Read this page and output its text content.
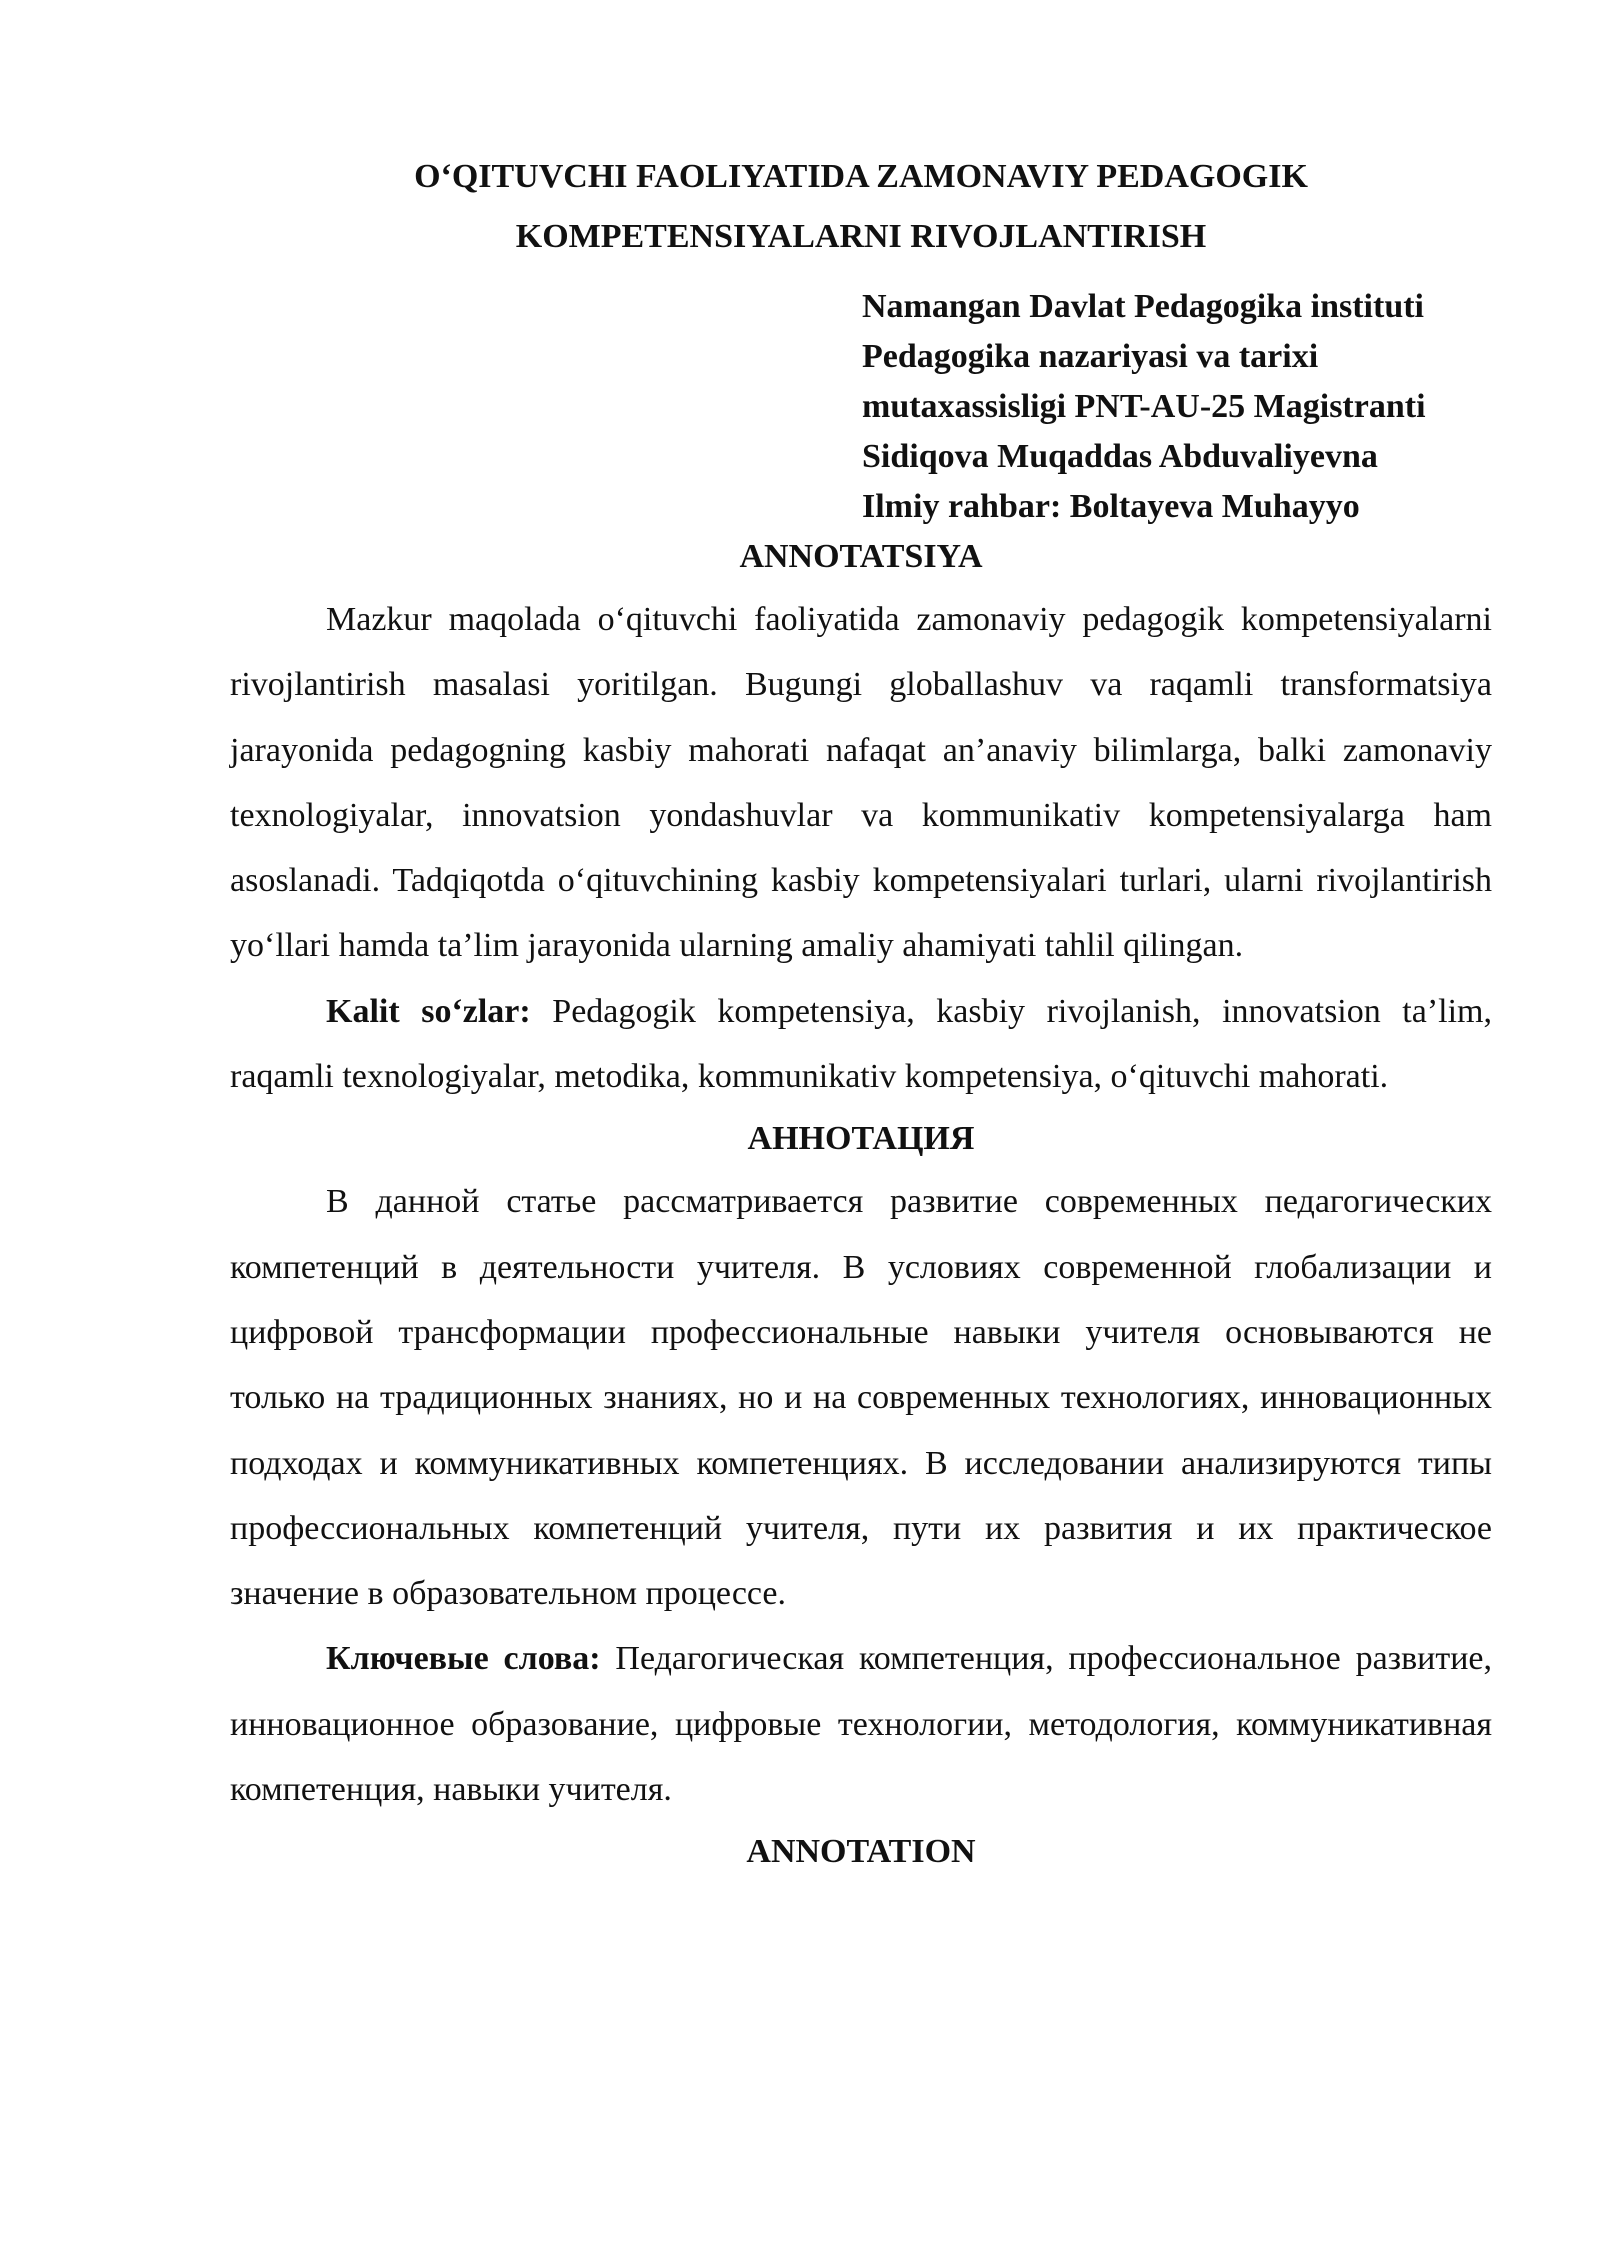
O‘QITUVCHI FAOLIYATIDA ZAMONAVIY PEDAGOGIK

KOMPETENSIYALARNI RIVOJLANTIRISH

Namangan Davlat Pedagogika instituti
Pedagogika nazariyasi va tarixi
mutaxassisligi PNT-AU-25 Magistranti
Sidiqova Muqaddas Abduvaliyevna
Ilmiy rahbar: Boltayeva Muhayyo

ANNOTATSIYA

Mazkur maqolada o‘qituvchi faoliyatida zamonaviy pedagogik kompetensiyalarni rivojlantirish masalasi yoritilgan. Bugungi globallashuv va raqamli transformatsiya jarayonida pedagogning kasbiy mahorati nafaqat an’anaviy bilimlarga, balki zamonaviy texnologiyalar, innovatsion yondashuvlar va kommunikativ kompetensiyalarga ham asoslanadi. Tadqiqotda o‘qituvchining kasbiy kompetensiyalari turlari, ularni rivojlantirish yo‘llari hamda ta’lim jarayonida ularning amaliy ahamiyati tahlil qilingan.

Kalit so‘zlar: Pedagogik kompetensiya, kasbiy rivojlanish, innovatsion ta’lim, raqamli texnologiyalar, metodika, kommunikativ kompetensiya, o‘qituvchi mahorati.

АННОТАЦИЯ

В данной статье рассматривается развитие современных педагогических компетенций в деятельности учителя. В условиях современной глобализации и цифровой трансформации профессиональные навыки учителя основываются не только на традиционных знаниях, но и на современных технологиях, инновационных подходах и коммуникативных компетенциях. В исследовании анализируются типы профессиональных компетенций учителя, пути их развития и их практическое значение в образовательном процессе.

Ключевые слова: Педагогическая компетенция, профессиональное развитие, инновационное образование, цифровые технологии, методология, коммуникативная компетенция, навыки учителя.

ANNOTATION
